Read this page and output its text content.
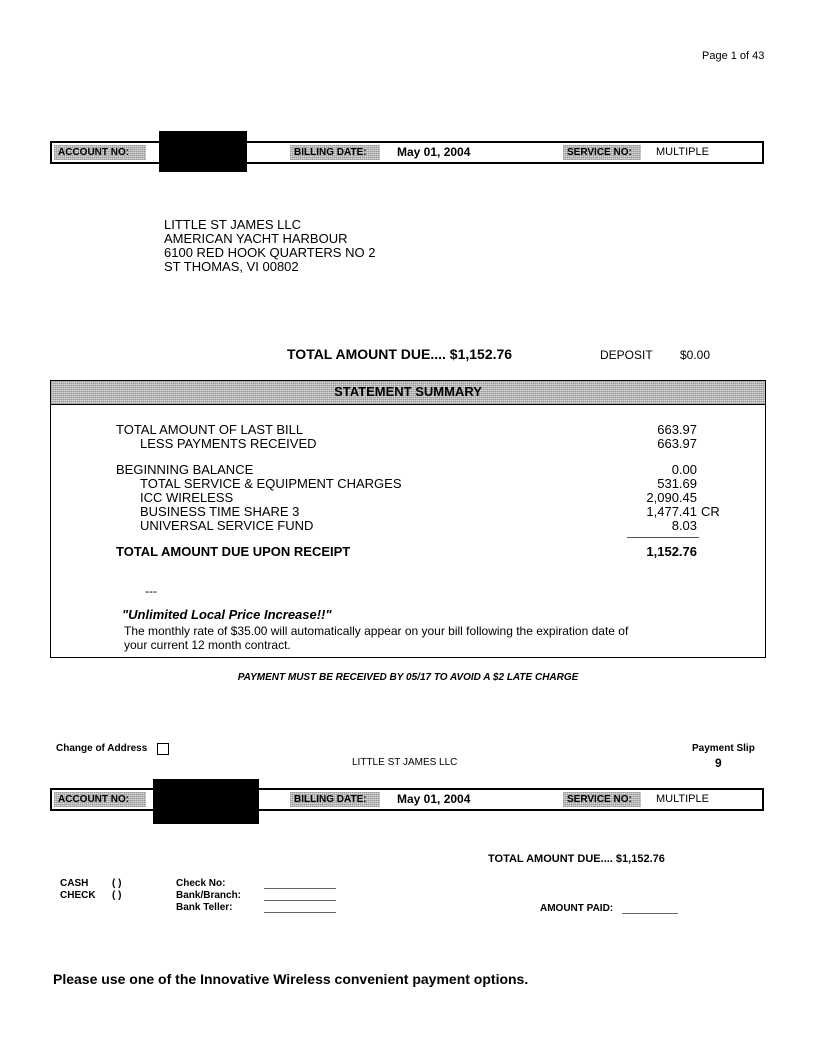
Page 1 of 43
ACCOUNT NO:	BILLING DATE:	May 01, 2004	SERVICE NO:	MULTIPLE
LITTLE ST JAMES LLC
AMERICAN YACHT HARBOUR
6100 RED HOOK QUARTERS NO 2
ST THOMAS, VI 00802
TOTAL AMOUNT DUE.... $1,152.76	DEPOSIT $0.00
STATEMENT SUMMARY
TOTAL AMOUNT OF LAST BILL	663.97
LESS PAYMENTS RECEIVED	663.97
BEGINNING BALANCE	0.00
TOTAL SERVICE & EQUIPMENT CHARGES	531.69
ICC WIRELESS	2,090.45
BUSINESS TIME SHARE 3	1,477.41 CR
UNIVERSAL SERVICE FUND	8.03
TOTAL AMOUNT DUE UPON RECEIPT	1,152.76
---
"Unlimited Local Price Increase!!"
The monthly rate of $35.00 will automatically appear on your bill following the expiration date of
your current 12 month contract.
PAYMENT MUST BE RECEIVED BY 05/17 TO AVOID A $2 LATE CHARGE
Change of Address	Payment Slip
9
LITTLE ST JAMES LLC
ACCOUNT NO:	BILLING DATE:	May 01, 2004	SERVICE NO:	MULTIPLE
TOTAL AMOUNT DUE.... $1,152.76
CASH ( )
CHECK ( )
Check No:
Bank/Branch:
Bank Teller:	AMOUNT PAID:
Please use one of the Innovative Wireless convenient payment options.
